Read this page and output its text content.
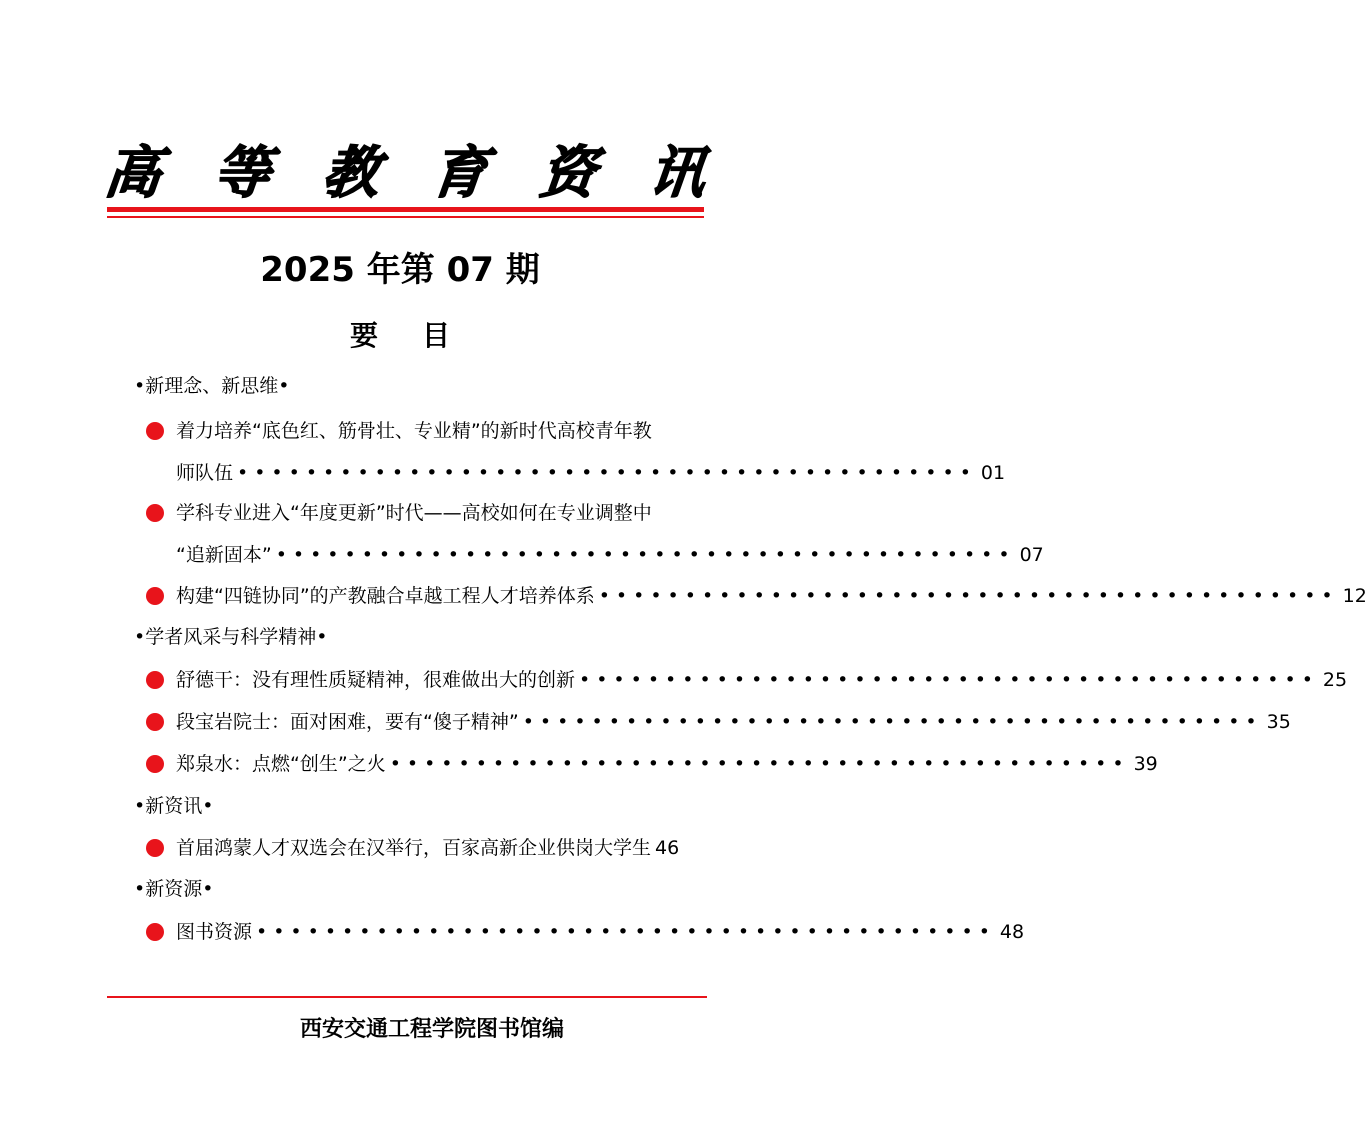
高 等 教 育 资 讯
2025 年第 07 期
要 目
•新理念、新思维•
着力培养“底色红、筋骨壮、专业精”的新时代高校青年教
师队伍 ••••••••••••••••••••••••••••••••••••••••••• 01
学科专业进入“年度更新”时代——高校如何在专业调整中
“追新固本” ••••••••••••••••••••••••••••••••••••••••••• 07
构建“四链协同”的产教融合卓越工程人才培养体系 ••••••••••••••••••••••••••••••••••••••••••• 12
•学者风采与科学精神•
舒德干：没有理性质疑精神，很难做出大的创新 ••••••••••••••••••••••••••••••••••••••••••• 25
段宝岩院士：面对困难，要有“傻子精神” ••••••••••••••••••••••••••••••••••••••••••• 35
郑泉水：点燃“创生”之火 ••••••••••••••••••••••••••••••••••••••••••• 39
•新资讯•
首届鸿蒙人才双选会在汉举行，百家高新企业供岗大学生 46
•新资源•
图书资源 ••••••••••••••••••••••••••••••••••••••••••• 48
西安交通工程学院图书馆编
